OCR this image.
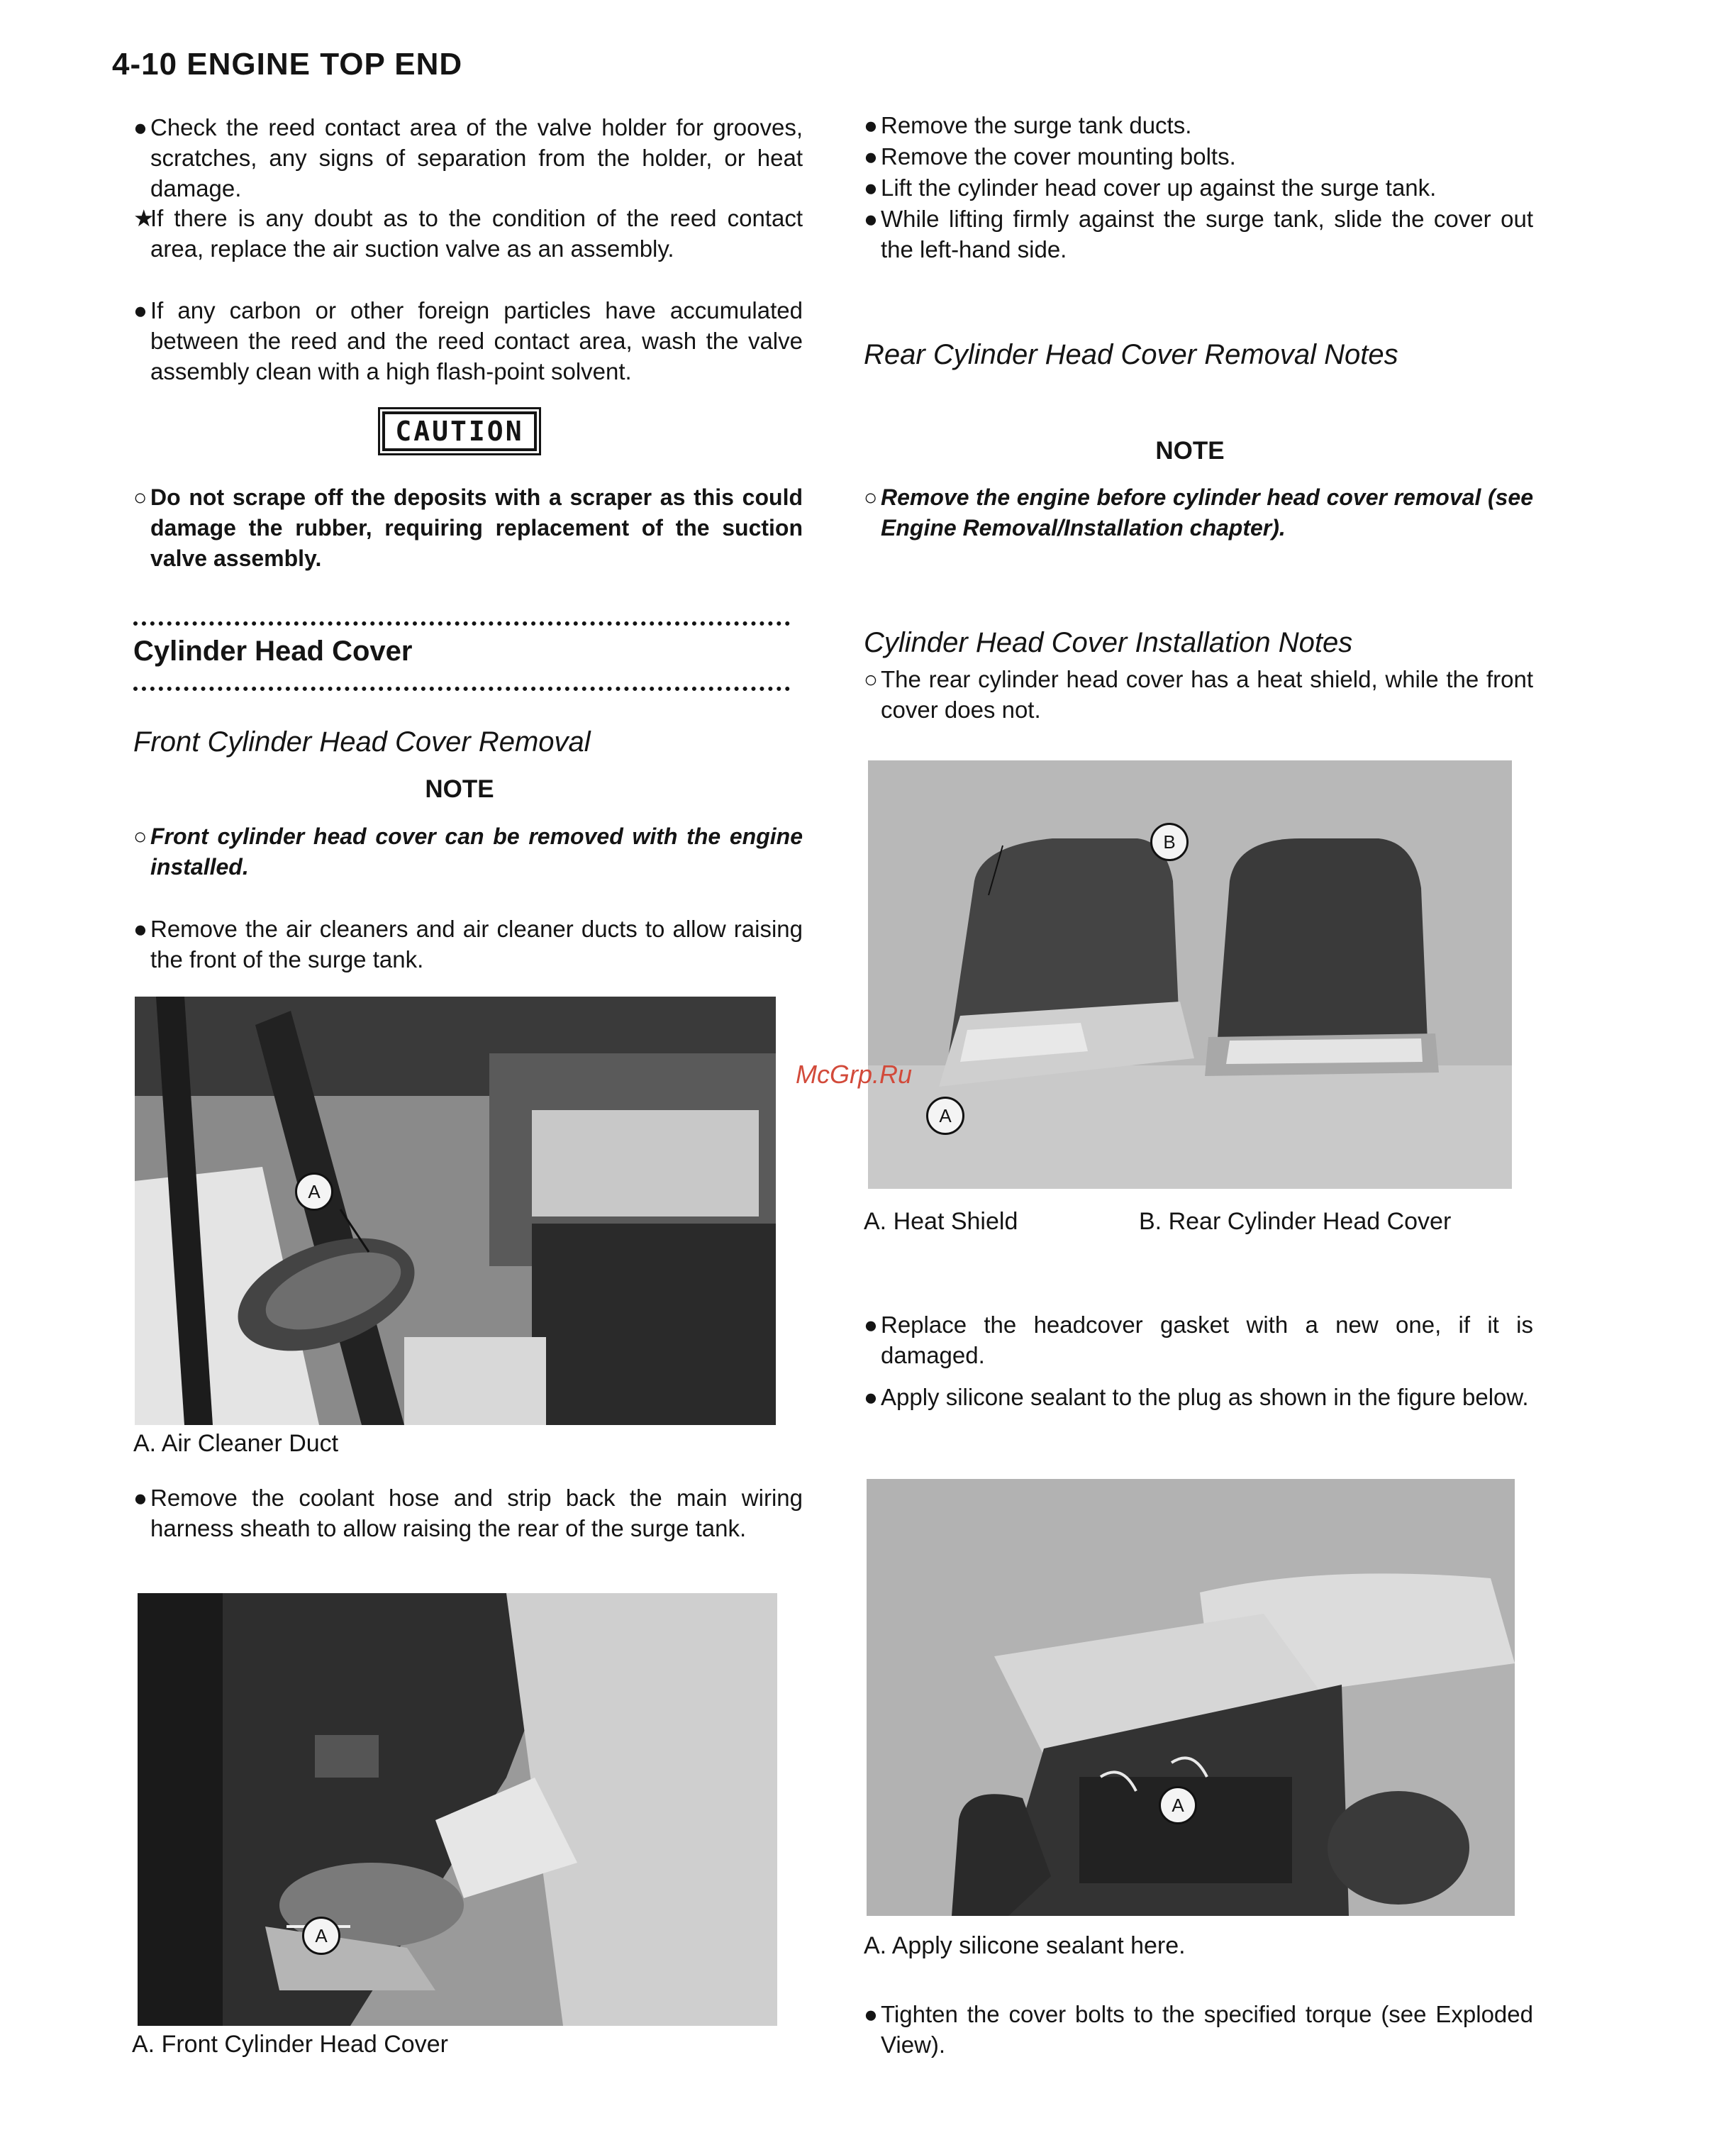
4-10 ENGINE TOP END
● Check the reed contact area of the valve holder for grooves, scratches, any signs of separation from the holder, or heat damage.
★If there is any doubt as to the condition of the reed contact area, replace the air suction valve as an assembly.
● If any carbon or other foreign particles have accumulated between the reed and the reed contact area, wash the valve assembly clean with a high flash-point solvent.
CAUTION
○ Do not scrape off the deposits with a scraper as this could damage the rubber, requiring replacement of the suction valve assembly.
Cylinder Head Cover
Front Cylinder Head Cover Removal
NOTE
○ Front cylinder head cover can be removed with the engine installed.
● Remove the air cleaners and air cleaner ducts to allow raising the front of the surge tank.
A
A. Air Cleaner Duct
● Remove the coolant hose and strip back the main wiring harness sheath to allow raising the rear of the surge tank.
A
A. Front Cylinder Head Cover
● Remove the surge tank ducts.
● Remove the cover mounting bolts.
● Lift the cylinder head cover up against the surge tank.
● While lifting firmly against the surge tank, slide the cover out the left-hand side.
Rear Cylinder Head Cover Removal Notes
NOTE
○ Remove the engine before cylinder head cover removal (see Engine Removal/Installation chapter).
Cylinder Head Cover Installation Notes
○ The rear cylinder head cover has a heat shield, while the front cover does not.
B
A
A. Heat Shield	B. Rear Cylinder Head Cover
● Replace the headcover gasket with a new one, if it is damaged.
● Apply silicone sealant to the plug as shown in the figure below.
A
A. Apply silicone sealant here.
● Tighten the cover bolts to the specified torque (see Exploded View).
McGrp.Ru
